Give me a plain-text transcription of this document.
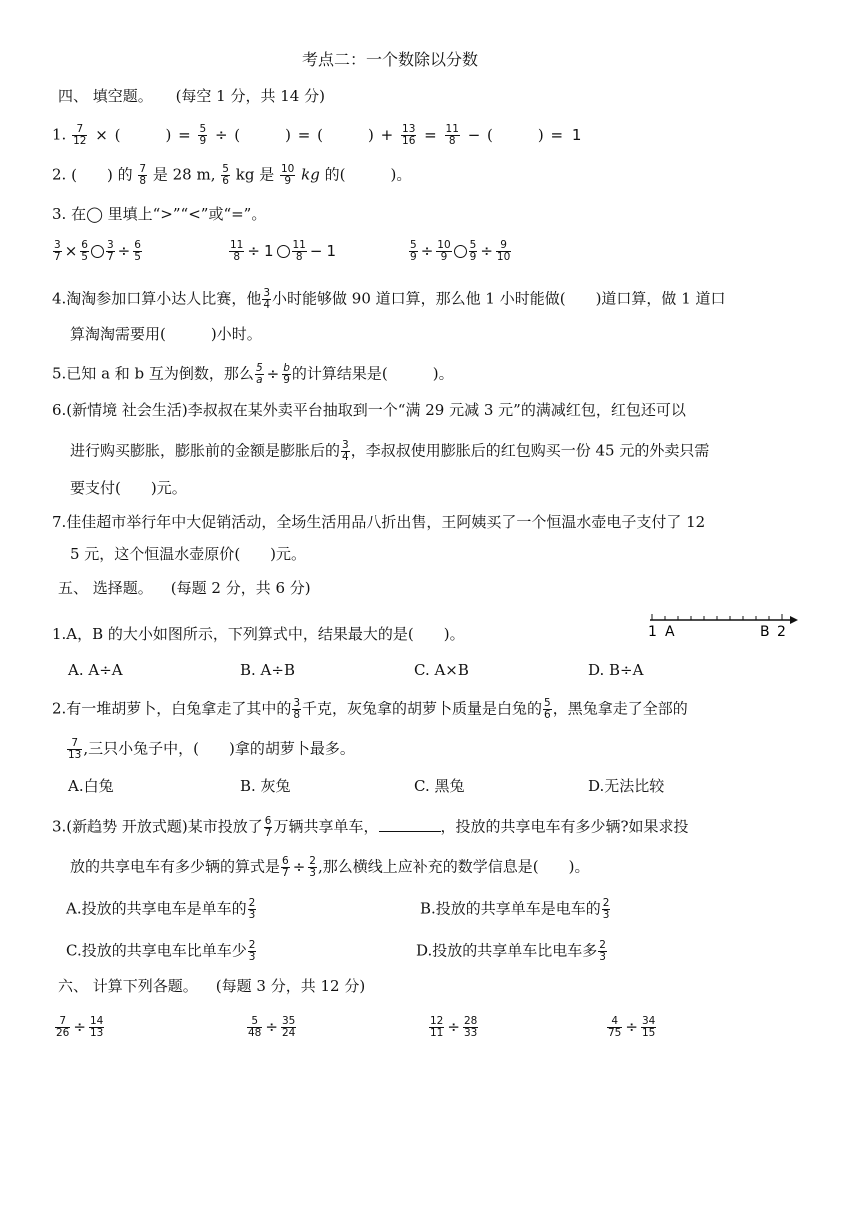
考点二：一个数除以分数
四、 填空题。 (每空 1 分，共 14 分)
1. $\frac{7}{12}$ × (　　　) = $\frac{5}{9}$ ÷ (　　　) = (　　　) + $\frac{13}{16} = \frac{11}{8}$ − (　　　) = 1
2. (　　) 的 $\frac{7}{8}$ 是 28 m, $\frac{5}{6}$ kg 是 $\frac{10}{9}$ kg 的(　　　)。
3. 在◯ 里填上“>”“<”或“=”。
$\frac{3}{7} \times \frac{6}{5} \frac{3}{7} \div \frac{6}{5}$	$\frac{11}{8} \div 1 \frac{11}{8} - 1$	$\frac{5}{9} \div \frac{10}{9} \frac{5}{9} \div \frac{9}{10}$
4.淘淘参加口算小达人比赛，他 $\frac{3}{4}$ 小时能够做 90 道口算，那么他 1 小时能做(　　)道口算，做 1 道口
算淘淘需要用(　　　)小时。
5.已知 a 和 b 互为倒数，那么 $\frac{5}{a} \div \frac{b}{9}$ 的计算结果是(　　　)。
6.(新情境 社会生活)李叔叔在某外卖平台抽取到一个“满 29 元减 3 元”的满减红包，红包还可以
进行购买膨胀，膨胀前的金额是膨胀后的 $\frac{3}{4}$ ，李叔叔使用膨胀后的红包购买一份 45 元的外卖只需
要支付(　　)元。
7.佳佳超市举行年中大促销活动，全场生活用品八折出售，王阿姨买了一个恒温水壶电子支付了 12
5 元，这个恒温水壶原价(　　)元。
五、 选择题。 (每题 2 分，共 6 分)
1.A，B 的大小如图所示，下列算式中，结果最大的是(　　)。	1 A	B 2
A. A÷A	B. A÷B	C. A×B	D. B÷A
2.有一堆胡萝卜，白兔拿走了其中的 $\frac{3}{8}$ 千克，灰兔拿的胡萝卜质量是白兔的 $\frac{5}{6}$ ，黑兔拿走了全部的
$\frac{7}{13}$ ,三只小兔子中，(　　)拿的胡萝卜最多。
A.白兔	B. 灰兔	C. 黑兔	D.无法比较
3.(新趋势 开放式题)某市投放了 $\frac{6}{7}$ 万辆共享单车，	，投放的共享电车有多少辆?如果求投
放的共享电车有多少辆的算式是 $\frac{6}{7} \div \frac{2}{3}$ ,那么横线上应补充的数学信息是(　　)。
A.投放的共享电车是单车的 $\frac{2}{3}$	B.投放的共享单车是电车的 $\frac{2}{3}$
C.投放的共享电车比单车少 $\frac{2}{3}$	D.投放的共享单车比电车多 $\frac{2}{3}$
六、 计算下列各题。 (每题 3 分，共 12 分)
$\frac{7}{26} \div \frac{14}{13}$	$\frac{5}{48} \div \frac{35}{24}$	$\frac{12}{11} \div \frac{28}{33}$	$\frac{4}{75} \div \frac{34}{15}$
